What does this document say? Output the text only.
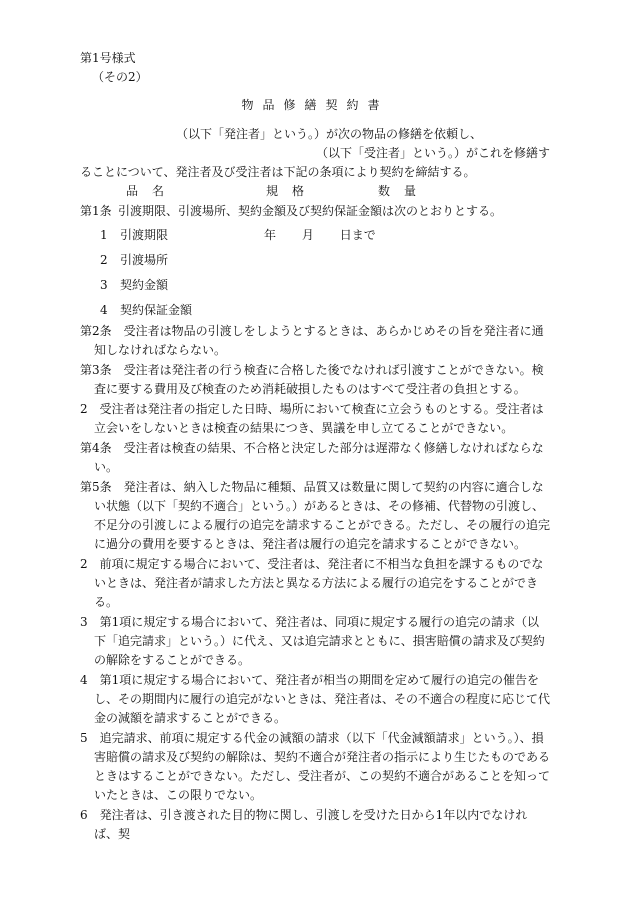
第1号様式
（その2）
物品修繕契約書
（以下「発注者」という。）が次の物品の修繕を依頼し、
（以下「受注者」という。）がこれを修繕す
ることについて、発注者及び受注者は下記の条項により契約を締結する。
品名	規格	数量
第1条 引渡期限、引渡場所、契約金額及び契約保証金額は次のとおりとする。
1	引渡期限	年 月 日まで
2	引渡場所
3	契約金額
4	契約保証金額
第2条　受注者は物品の引渡しをしようとするときは、あらかじめその旨を発注者に通知しなければならない。
第3条　受注者は発注者の行う検査に合格した後でなければ引渡すことができない。検査に要する費用及び検査のため消耗破損したものはすべて受注者の負担とする。
2　受注者は発注者の指定した日時、場所において検査に立会うものとする。受注者は立会いをしないときは検査の結果につき、異議を申し立てることができない。
第4条　受注者は検査の結果、不合格と決定した部分は遅滞なく修繕しなければならない。
第5条　発注者は、納入した物品に種類、品質又は数量に関して契約の内容に適合しない状態（以下「契約不適合」という。）があるときは、その修補、代替物の引渡し、不足分の引渡しによる履行の追完を請求することができる。ただし、その履行の追完に過分の費用を要するときは、発注者は履行の追完を請求することができない。
2　前項に規定する場合において、受注者は、発注者に不相当な負担を課するものでないときは、発注者が請求した方法と異なる方法による履行の追完をすることができる。
3　第1項に規定する場合において、発注者は、同項に規定する履行の追完の請求（以下「追完請求」という。）に代え、又は追完請求とともに、損害賠償の請求及び契約の解除をすることができる。
4　第1項に規定する場合において、発注者が相当の期間を定めて履行の追完の催告をし、その期間内に履行の追完がないときは、発注者は、その不適合の程度に応じて代金の減額を請求することができる。
5　追完請求、前項に規定する代金の減額の請求（以下「代金減額請求」という。）、損害賠償の請求及び契約の解除は、契約不適合が発注者の指示により生じたものであるときはすることができない。ただし、受注者が、この契約不適合があることを知っていたときは、この限りでない。
6　発注者は、引き渡された目的物に関し、引渡しを受けた日から1年以内でなければ、契
